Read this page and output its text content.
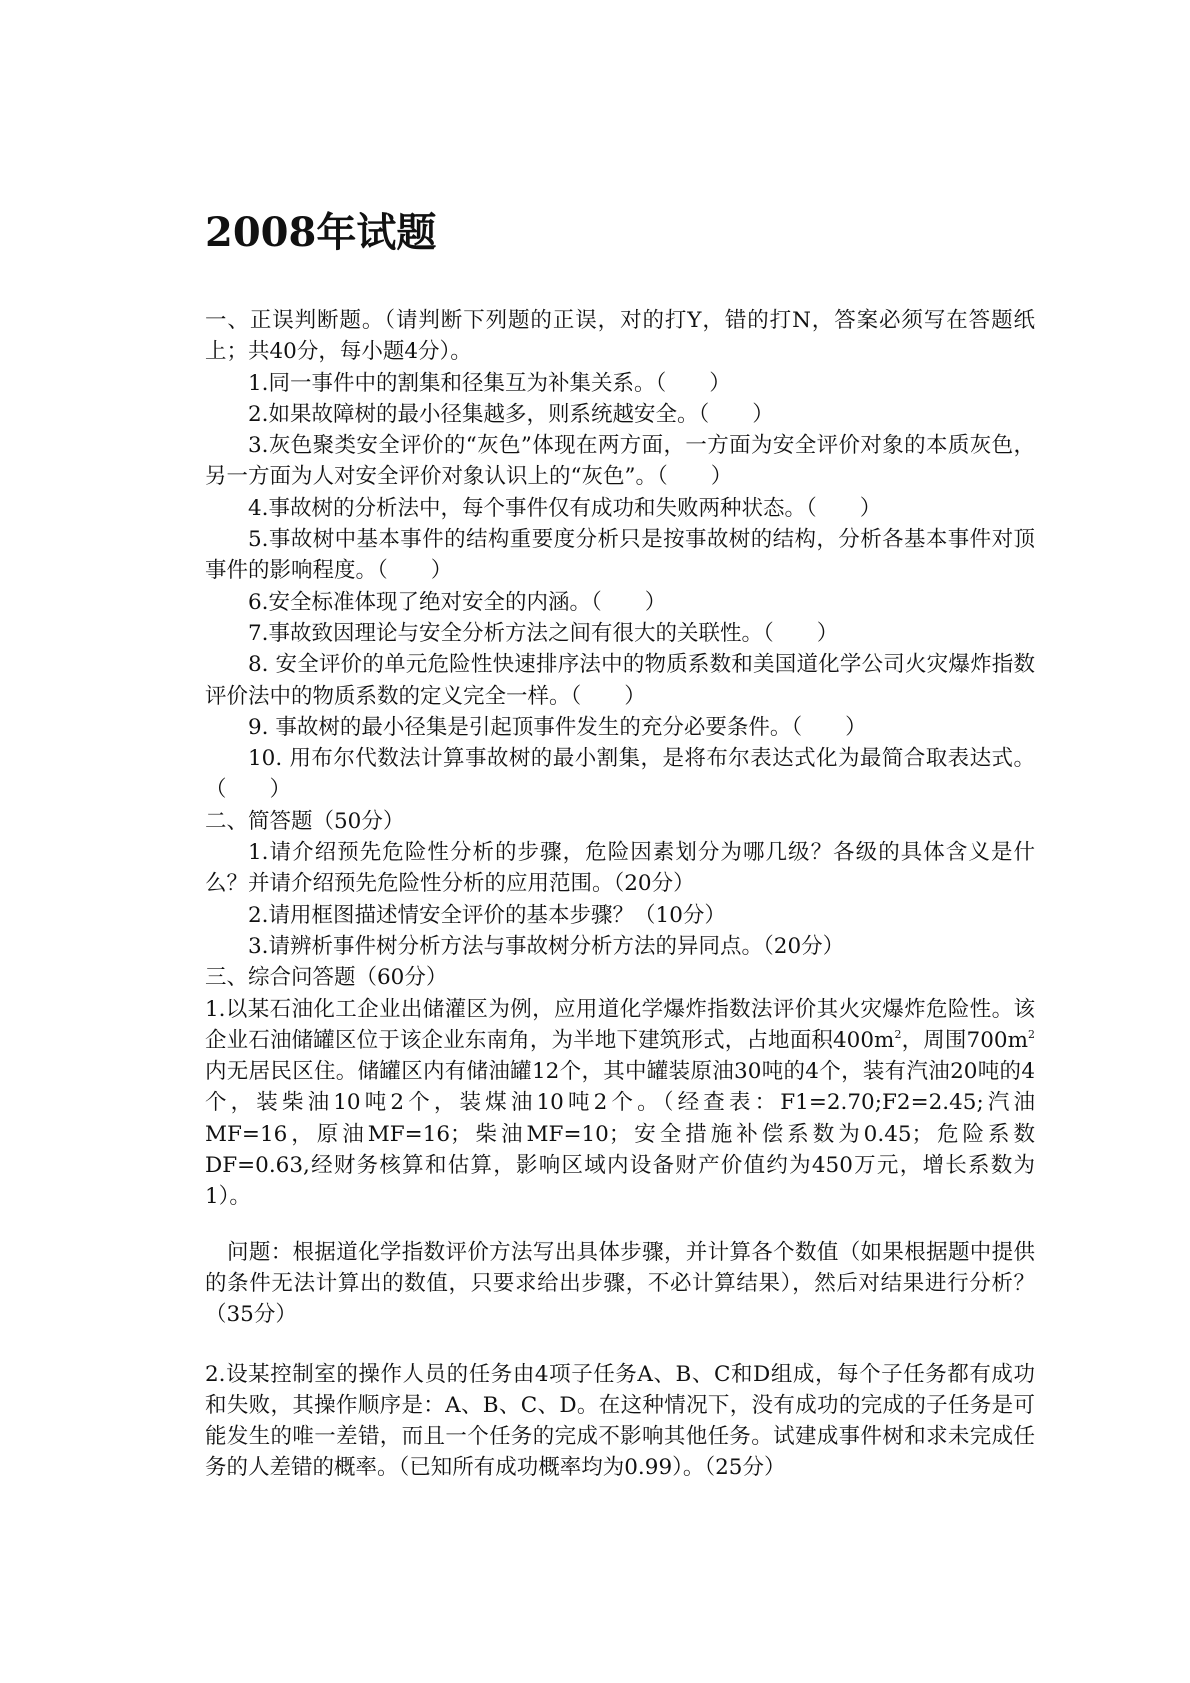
2008年试题

一、正误判断题。（请判断下列题的正误，对的打Y，错的打N，答案必须写在答题纸上；共40分，每小题4分）。

1.同一事件中的割集和径集互为补集关系。（　　）

2.如果故障树的最小径集越多，则系统越安全。（　　）

3.灰色聚类安全评价的“灰色”体现在两方面，一方面为安全评价对象的本质灰色，另一方面为人对安全评价对象认识上的“灰色”。（　　）

4.事故树的分析法中，每个事件仅有成功和失败两种状态。（　　）

5.事故树中基本事件的结构重要度分析只是按事故树的结构，分析各基本事件对顶事件的影响程度。（　　）

6.安全标准体现了绝对安全的内涵。（　　）

7.事故致因理论与安全分析方法之间有很大的关联性。（　　）

8. 安全评价的单元危险性快速排序法中的物质系数和美国道化学公司火灾爆炸指数评价法中的物质系数的定义完全一样。（　　）

9. 事故树的最小径集是引起顶事件发生的充分必要条件。（　　）

10. 用布尔代数法计算事故树的最小割集，是将布尔表达式化为最简合取表达式。（　　）

二、简答题（50分）

1.请介绍预先危险性分析的步骤，危险因素划分为哪几级？各级的具体含义是什么？并请介绍预先危险性分析的应用范围。（20分）

2.请用框图描述情安全评价的基本步骤？（10分）

3.请辨析事件树分析方法与事故树分析方法的异同点。（20分）

三、综合问答题（60分）

1.以某石油化工企业出储灌区为例，应用道化学爆炸指数法评价其火灾爆炸危险性。该企业石油储罐区位于该企业东南角，为半地下建筑形式，占地面积$400m^2$，周围$700m^2$内无居民区住。储罐区内有储油罐12个，其中罐装原油30吨的4个，装有汽油20吨的4个，装柴油10吨2个，装煤油10吨2个。（经查表：F1=2.70;F2=2.45;汽油MF=16，原油MF=16；柴油MF=10；安全措施补偿系数为0.45；危险系数DF=0.63,经财务核算和估算，影响区域内设备财产价值约为450万元，增长系数为1）。

问题：根据道化学指数评价方法写出具体步骤，并计算各个数值（如果根据题中提供的条件无法计算出的数值，只要求给出步骤，不必计算结果），然后对结果进行分析？（35分）

2.设某控制室的操作人员的任务由4项子任务A、B、C和D组成，每个子任务都有成功和失败，其操作顺序是：A、B、C、D。在这种情况下，没有成功的完成的子任务是可能发生的唯一差错，而且一个任务的完成不影响其他任务。试建成事件树和求未完成任务的人差错的概率。（已知所有成功概率均为0.99）。（25分）
